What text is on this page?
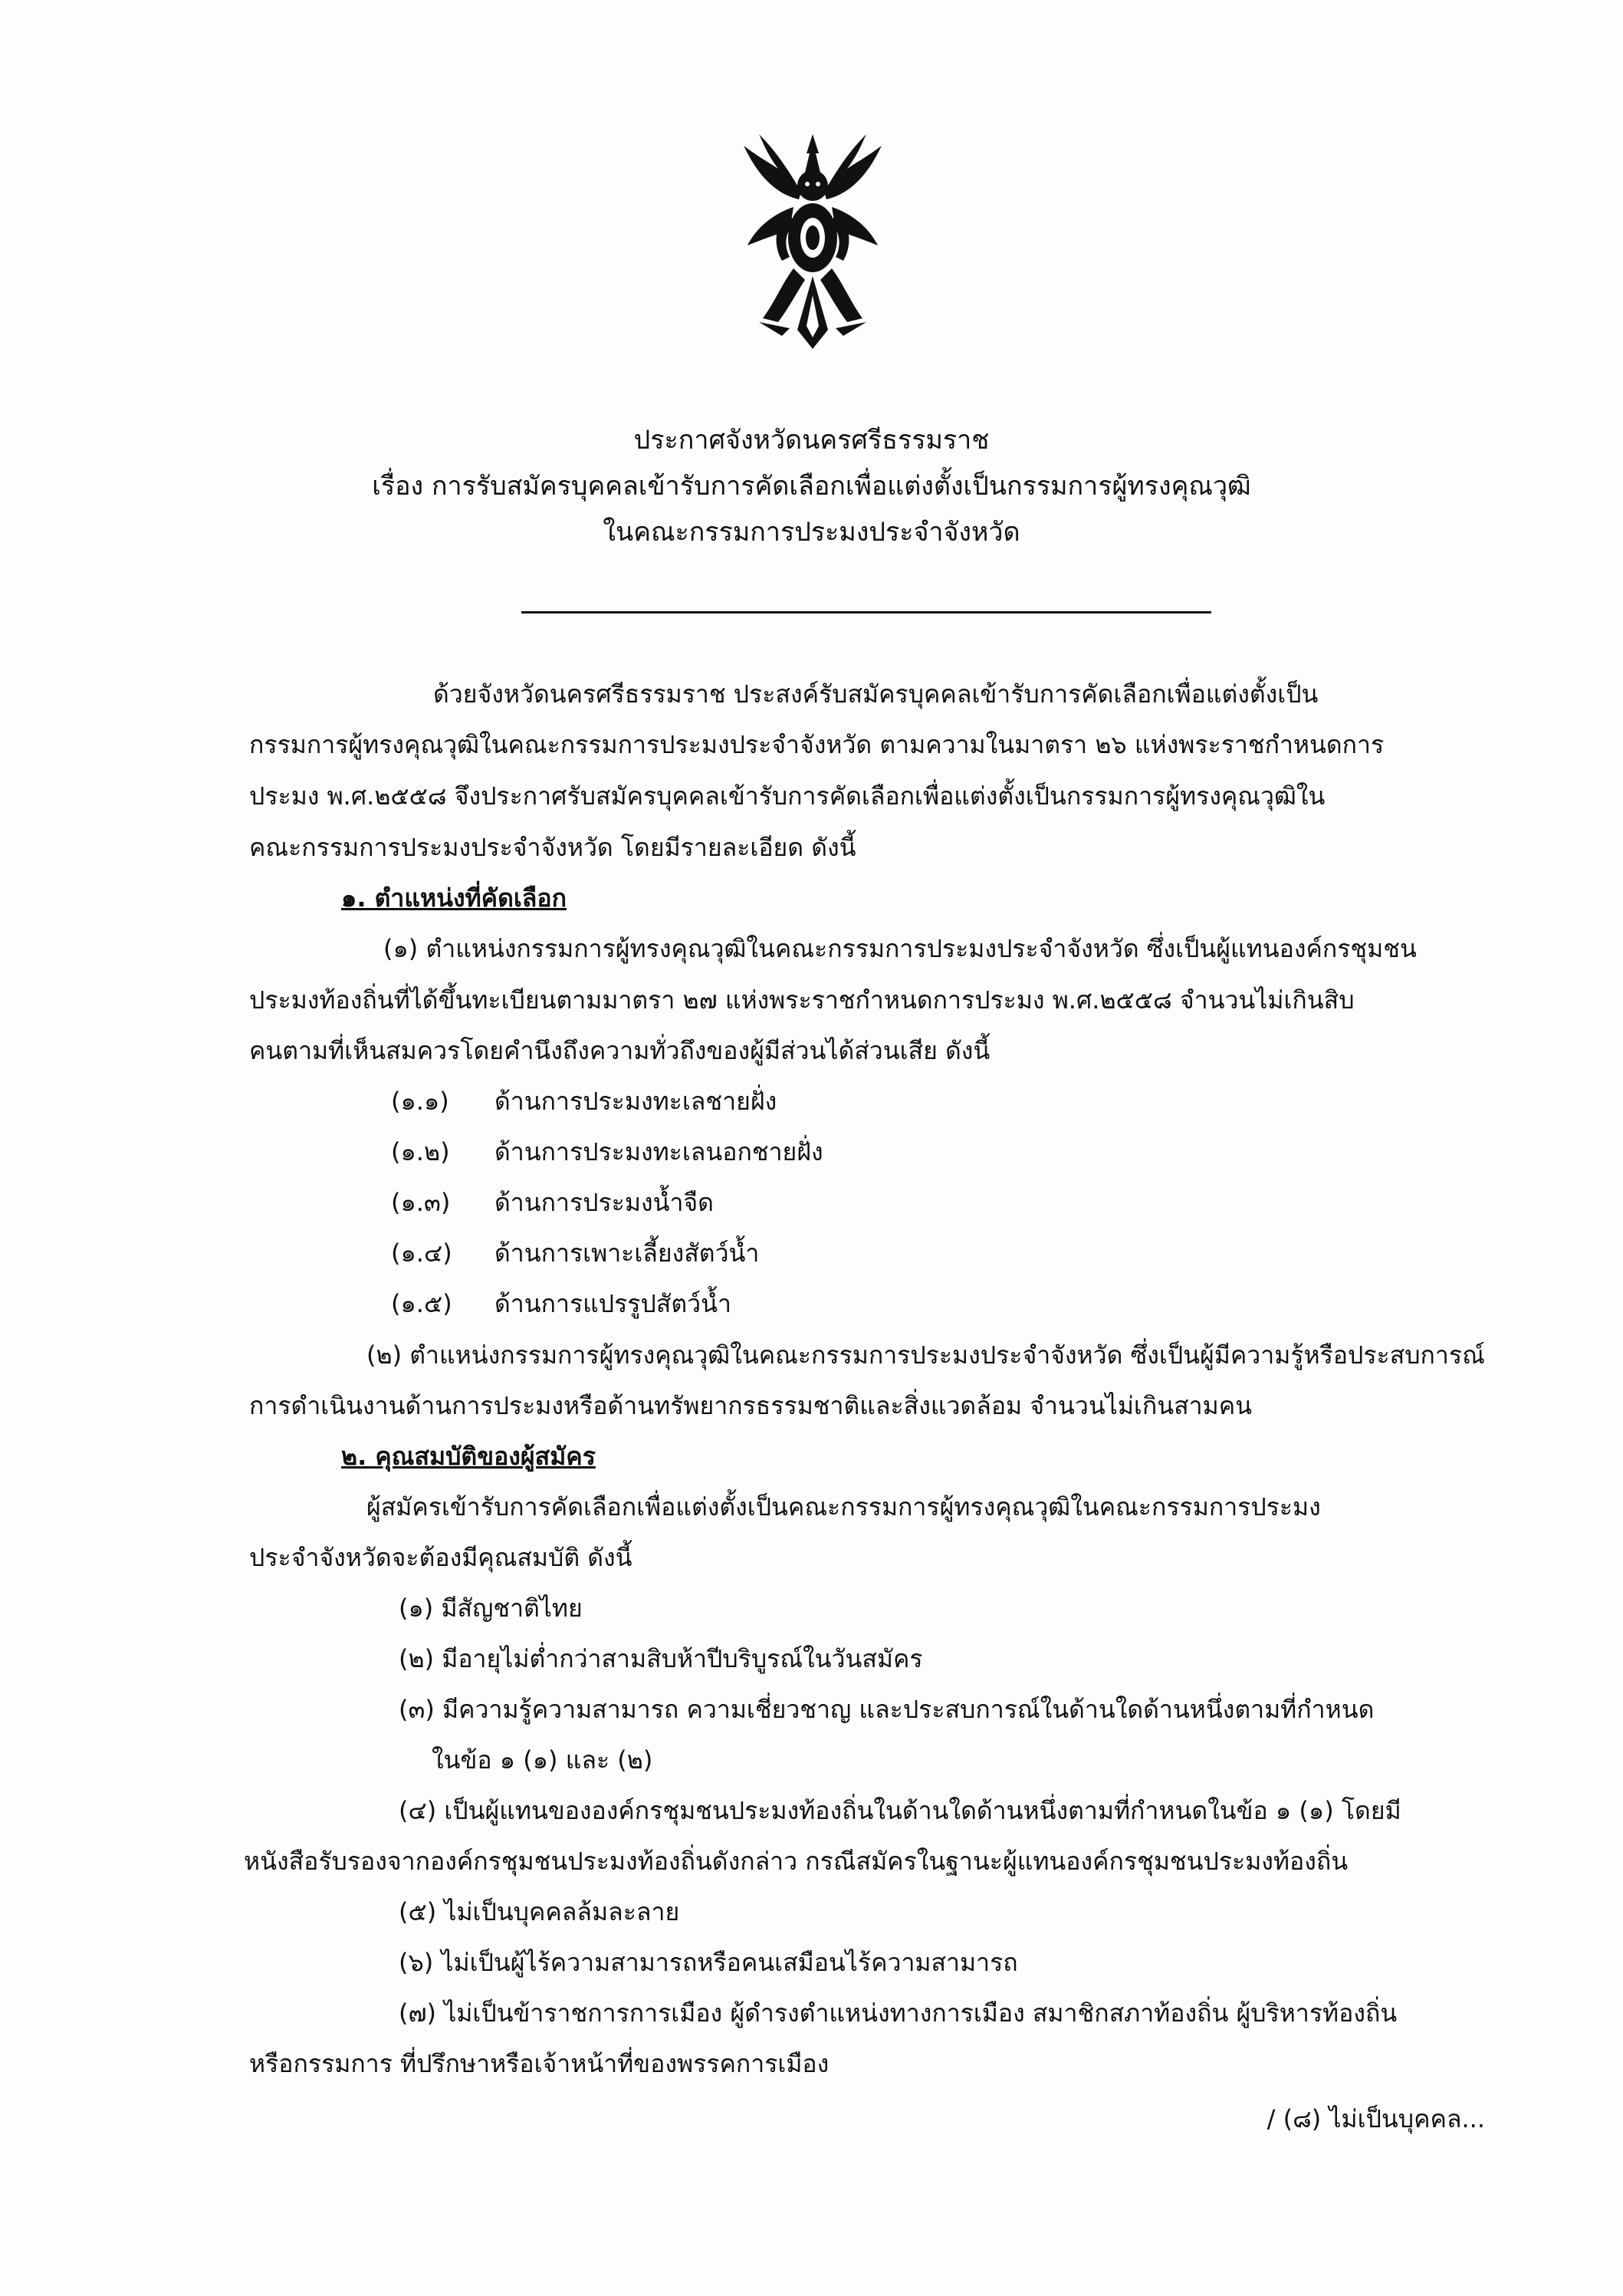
ประกาศจังหวัดนครศรีธรรมราช
เรื่อง การรับสมัครบุคคลเข้ารับการคัดเลือกเพื่อแต่งตั้งเป็นกรรมการผู้ทรงคุณวุฒิ
ในคณะกรรมการประมงประจำจังหวัด
ด้วยจังหวัดนครศรีธรรมราช ประสงค์รับสมัครบุคคลเข้ารับการคัดเลือกเพื่อแต่งตั้งเป็น
กรรมการผู้ทรงคุณวุฒิในคณะกรรมการประมงประจำจังหวัด ตามความในมาตรา ๒๖ แห่งพระราชกำหนดการ
ประมง พ.ศ.๒๕๕๘ จึงประกาศรับสมัครบุคคลเข้ารับการคัดเลือกเพื่อแต่งตั้งเป็นกรรมการผู้ทรงคุณวุฒิใน
คณะกรรมการประมงประจำจังหวัด โดยมีรายละเอียด ดังนี้
๑. ตำแหน่งที่คัดเลือก
(๑) ตำแหน่งกรรมการผู้ทรงคุณวุฒิในคณะกรรมการประมงประจำจังหวัด ซึ่งเป็นผู้แทนองค์กรชุมชน
ประมงท้องถิ่นที่ได้ขึ้นทะเบียนตามมาตรา ๒๗ แห่งพระราชกำหนดการประมง พ.ศ.๒๕๕๘ จำนวนไม่เกินสิบ
คนตามที่เห็นสมควรโดยคำนึงถึงความทั่วถึงของผู้มีส่วนได้ส่วนเสีย ดังนี้
(๑.๑) ด้านการประมงทะเลชายฝั่ง
(๑.๒) ด้านการประมงทะเลนอกชายฝั่ง
(๑.๓) ด้านการประมงน้ำจืด
(๑.๔) ด้านการเพาะเลี้ยงสัตว์น้ำ
(๑.๕) ด้านการแปรรูปสัตว์น้ำ
(๒) ตำแหน่งกรรมการผู้ทรงคุณวุฒิในคณะกรรมการประมงประจำจังหวัด ซึ่งเป็นผู้มีความรู้หรือประสบการณ์
การดำเนินงานด้านการประมงหรือด้านทรัพยากรธรรมชาติและสิ่งแวดล้อม จำนวนไม่เกินสามคน
๒. คุณสมบัติของผู้สมัคร
ผู้สมัครเข้ารับการคัดเลือกเพื่อแต่งตั้งเป็นคณะกรรมการผู้ทรงคุณวุฒิในคณะกรรมการประมง
ประจำจังหวัดจะต้องมีคุณสมบัติ ดังนี้
(๑) มีสัญชาติไทย
(๒) มีอายุไม่ต่ำกว่าสามสิบห้าปีบริบูรณ์ในวันสมัคร
(๓) มีความรู้ความสามารถ ความเชี่ยวชาญ และประสบการณ์ในด้านใดด้านหนึ่งตามที่กำหนด
ในข้อ ๑ (๑) และ (๒)
(๔) เป็นผู้แทนขององค์กรชุมชนประมงท้องถิ่นในด้านใดด้านหนึ่งตามที่กำหนดในข้อ ๑ (๑) โดยมี
หนังสือรับรองจากองค์กรชุมชนประมงท้องถิ่นดังกล่าว กรณีสมัครในฐานะผู้แทนองค์กรชุมชนประมงท้องถิ่น
(๕) ไม่เป็นบุคคลล้มละลาย
(๖) ไม่เป็นผู้ไร้ความสามารถหรือคนเสมือนไร้ความสามารถ
(๗) ไม่เป็นข้าราชการการเมือง ผู้ดำรงตำแหน่งทางการเมือง สมาชิกสภาท้องถิ่น ผู้บริหารท้องถิ่น
หรือกรรมการ ที่ปรึกษาหรือเจ้าหน้าที่ของพรรคการเมือง
/ (๘) ไม่เป็นบุคคล...
